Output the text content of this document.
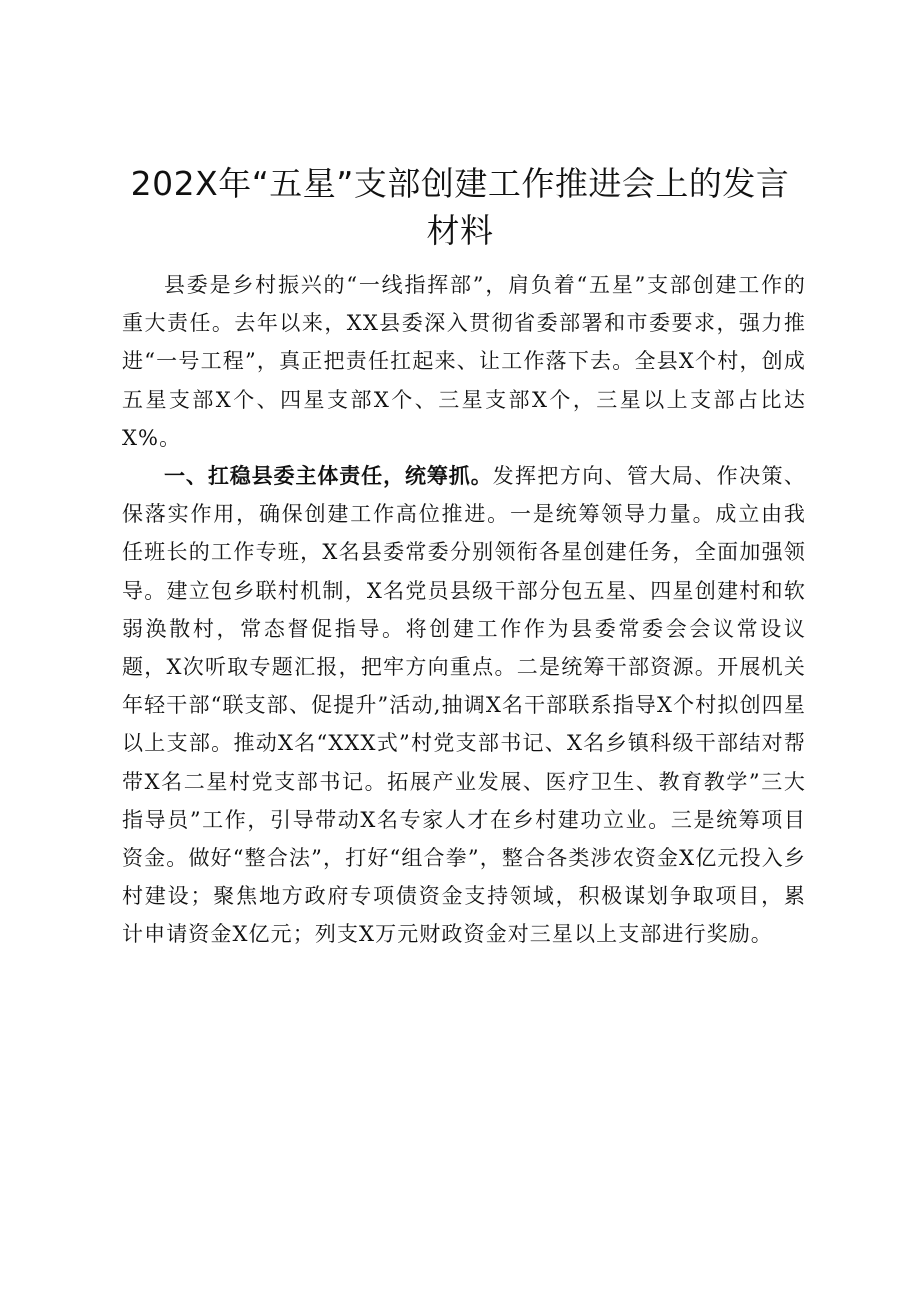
202X年“五星”支部创建工作推进会上的发言
材料

县委是乡村振兴的“一线指挥部”，肩负着“五星”支部创建工作的重大责任。去年以来，XX县委深入贯彻省委部署和市委要求，强力推进“一号工程”，真正把责任扛起来、让工作落下去。全县X个村，创成五星支部X个、四星支部X个、三星支部X个，三星以上支部占比达X%。

一、扛稳县委主体责任，统筹抓。发挥把方向、管大局、作决策、保落实作用，确保创建工作高位推进。一是统筹领导力量。成立由我任班长的工作专班，X名县委常委分别领衔各星创建任务，全面加强领导。建立包乡联村机制，X名党员县级干部分包五星、四星创建村和软弱涣散村，常态督促指导。将创建工作作为县委常委会会议常设议题，X次听取专题汇报，把牢方向重点。二是统筹干部资源。开展机关年轻干部“联支部、促提升”活动,抽调X名干部联系指导X个村拟创四星以上支部。推动X名“XXX式”村党支部书记、X名乡镇科级干部结对帮带X名二星村党支部书记。拓展产业发展、医疗卫生、教育教学”三大指导员”工作，引导带动X名专家人才在乡村建功立业。三是统筹项目资金。做好“整合法”，打好“组合拳”，整合各类涉农资金X亿元投入乡村建设；聚焦地方政府专项债资金支持领域，积极谋划争取项目，累计申请资金X亿元；列支X万元财政资金对三星以上支部进行奖励。
